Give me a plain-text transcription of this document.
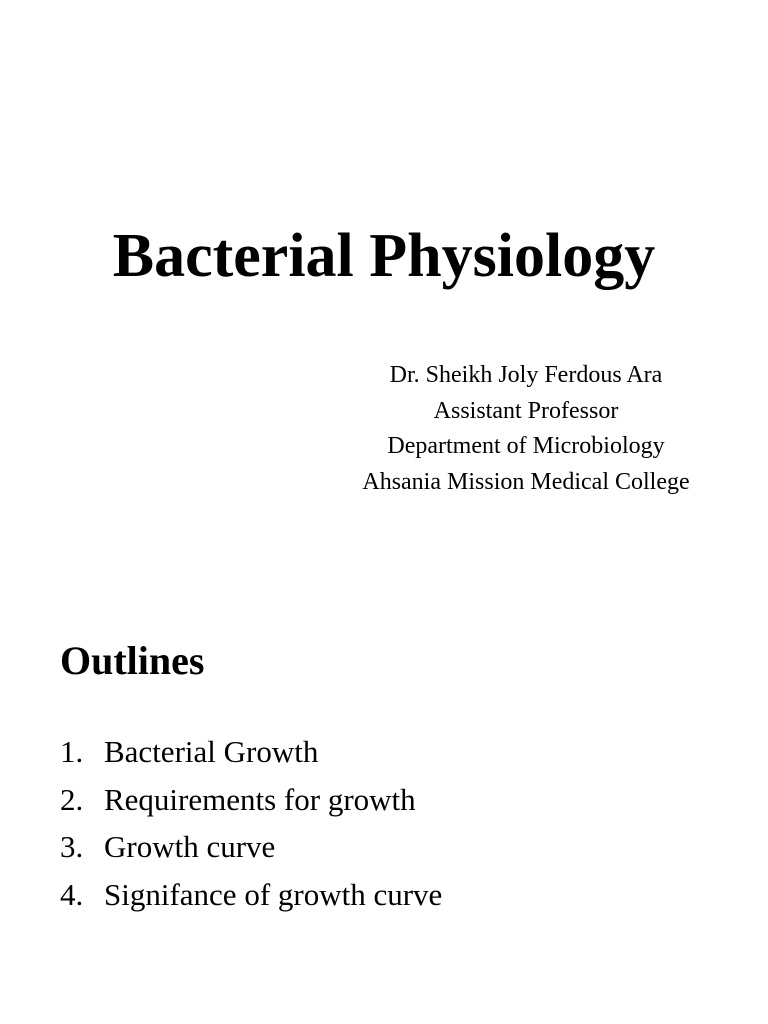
Bacterial Physiology
Dr. Sheikh Joly Ferdous Ara
Assistant Professor
Department of Microbiology
Ahsania Mission Medical College
Outlines
1. Bacterial Growth
2. Requirements for growth
3. Growth curve
4. Signifance of growth curve
